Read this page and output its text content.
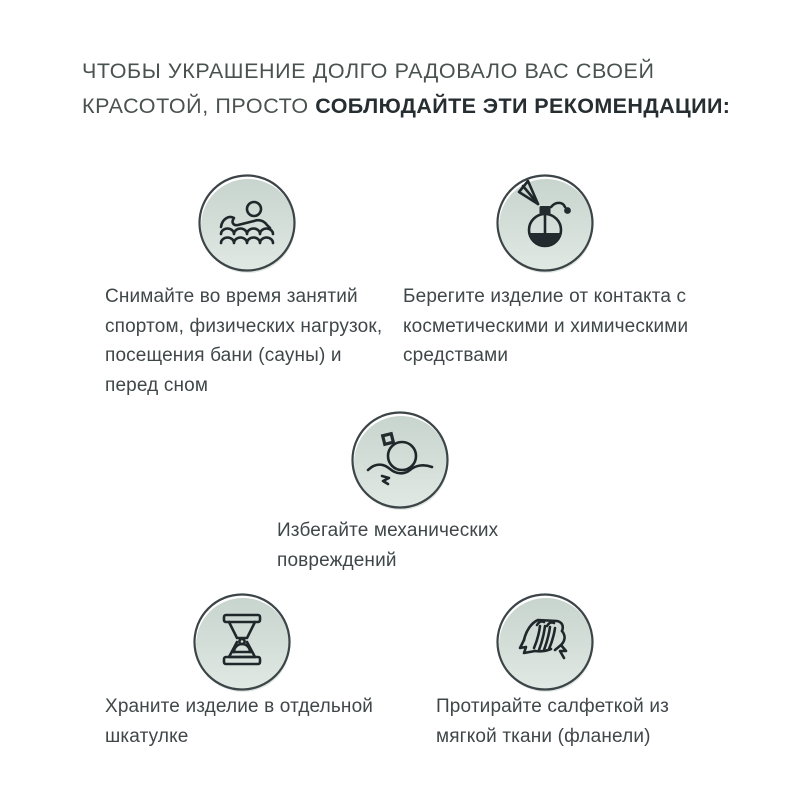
ЧТОБЫ УКРАШЕНИЕ ДОЛГО РАДОВАЛО ВАС СВОЕЙ
КРАСОТОЙ, ПРОСТО СОБЛЮДАЙТЕ ЭТИ РЕКОМЕНДАЦИИ:
Снимайте во время занятий спортом, физических нагрузок, посещения бани (сауны) и перед сном
Берегите изделие от контакта с косметическими и химическими средствами
Избегайте механических повреждений
Храните изделие в отдельной шкатулке
Протирайте салфеткой из мягкой ткани (фланели)
